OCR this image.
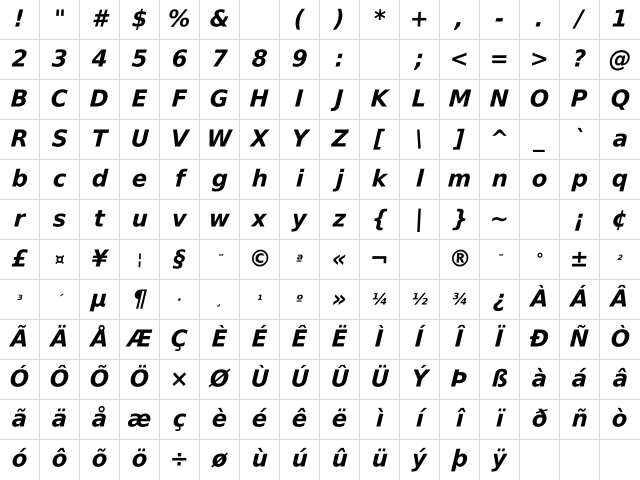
! " # $ % &	( ) * + , - . / 1
2 3 4 5 6 7 8 9 :	; < = > ? @
B C D E F G H I J K L M N O P Q
R S T U V W X Y Z [ \ ] ^ _ ` a
b c d e f g h i j k l m n o p q
r s t u v w x y z { | } ~	¡ ¢
£ ¤ ¥ ¦ §	¨ © ª « ¬  ® ¯ ° ± ²
³	´ µ ¶ ·	¸	¹	º » ¼ ½ ¾ ¿ À Á Â
Ã Ä Å Æ Ç È É Ê Ë Ì Í Î Ï Ð Ñ Ò
Ó Ô Õ Ö × Ø Ù Ú Û Ü Ý Þ ß à á â
ã ä å æ ç è é ê ë ì í î ï ð ñ ò
ó ô õ ö ÷ ø ù ú û ü ý þ ÿ
